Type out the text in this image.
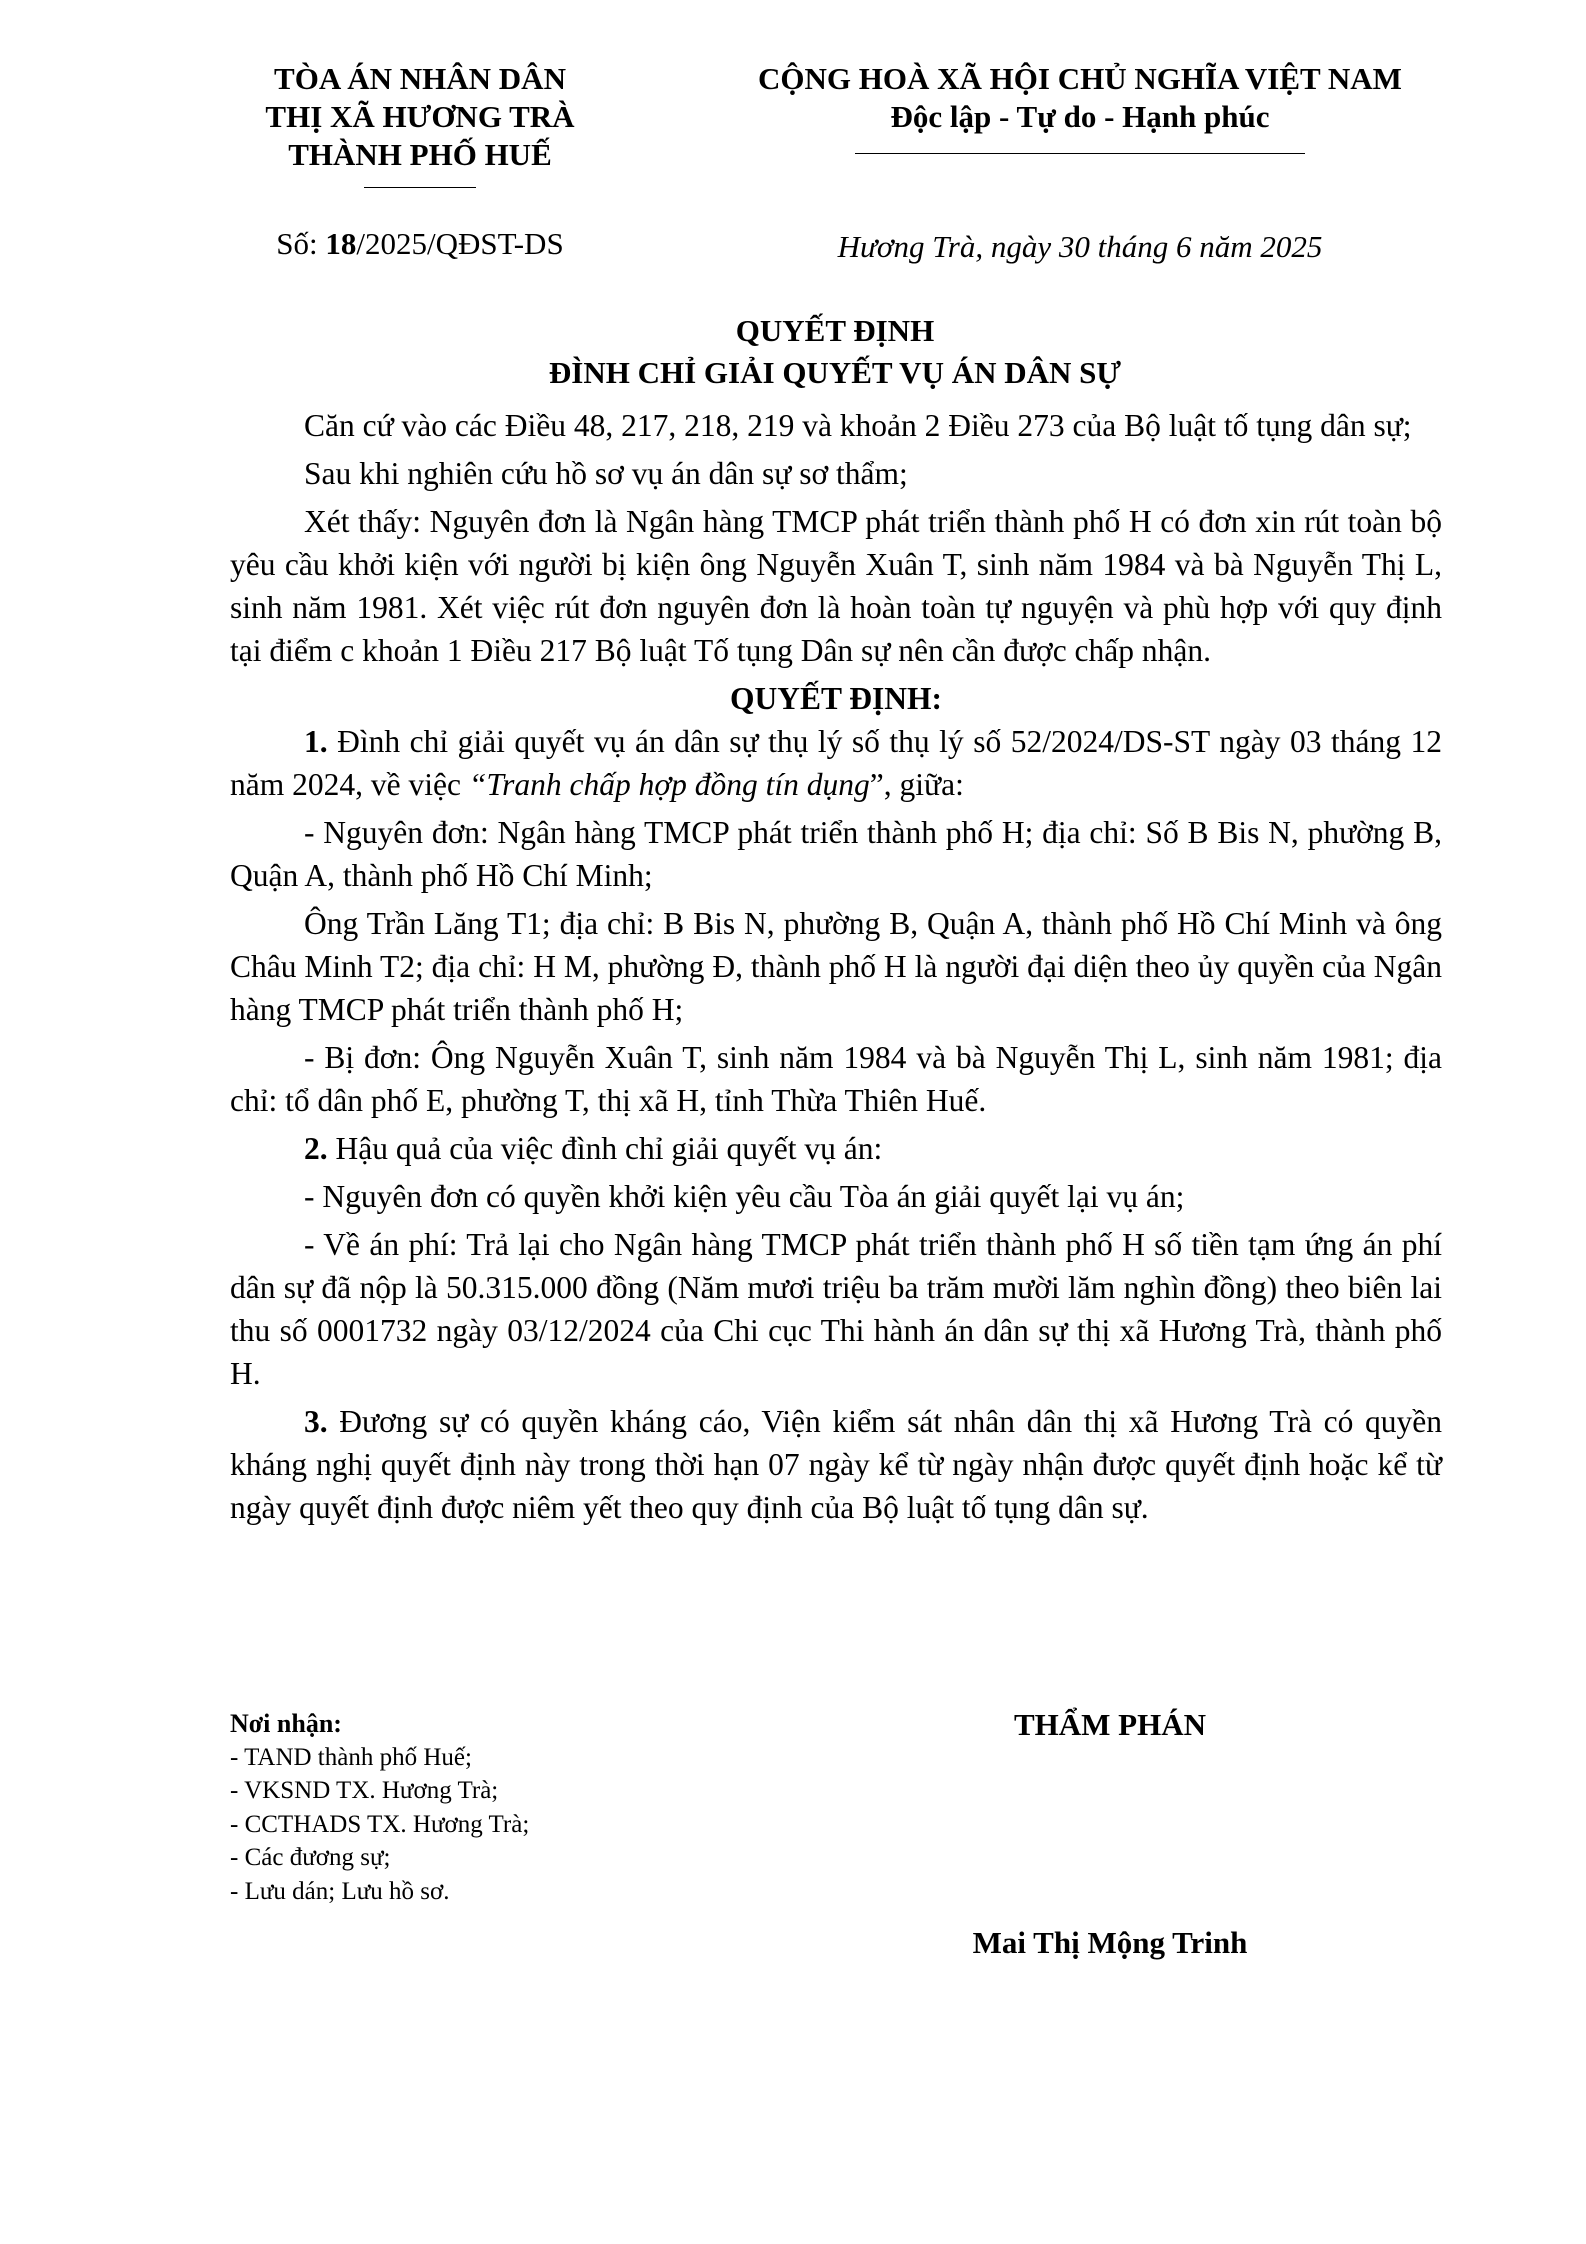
TÒA ÁN NHÂN DÂN
THỊ XÃ HƯƠNG TRÀ
THÀNH PHỐ HUẾ
CỘNG HOÀ XÃ HỘI CHỦ NGHĨA VIỆT NAM
Độc lập - Tự do - Hạnh phúc
Số: 18/2025/QĐST-DS	Hương Trà, ngày 30 tháng 6 năm 2025
QUYẾT ĐỊNH
ĐÌNH CHỈ GIẢI QUYẾT VỤ ÁN DÂN SỰ

Căn cứ vào các Điều 48, 217, 218, 219 và khoản 2 Điều 273 của Bộ luật tố tụng dân sự;

Sau khi nghiên cứu hồ sơ vụ án dân sự sơ thẩm;

Xét thấy: Nguyên đơn là Ngân hàng TMCP phát triển thành phố H có đơn xin rút toàn bộ yêu cầu khởi kiện với người bị kiện ông Nguyễn Xuân T, sinh năm 1984 và bà Nguyễn Thị L, sinh năm 1981. Xét việc rút đơn nguyên đơn là hoàn toàn tự nguyện và phù hợp với quy định tại điểm c khoản 1 Điều 217 Bộ luật Tố tụng Dân sự nên cần được chấp nhận.

QUYẾT ĐỊNH:

1. Đình chỉ giải quyết vụ án dân sự thụ lý số thụ lý số 52/2024/DS-ST ngày 03 tháng 12 năm 2024, về việc “Tranh chấp hợp đồng tín dụng”, giữa:

- Nguyên đơn: Ngân hàng TMCP phát triển thành phố H; địa chỉ: Số B Bis N, phường B, Quận A, thành phố Hồ Chí Minh;

Ông Trần Lăng T1; địa chỉ: B Bis N, phường B, Quận A, thành phố Hồ Chí Minh và ông Châu Minh T2; địa chỉ: H M, phường Đ, thành phố H là người đại diện theo ủy quyền của Ngân hàng TMCP phát triển thành phố H;

- Bị đơn: Ông Nguyễn Xuân T, sinh năm 1984 và bà Nguyễn Thị L, sinh năm 1981; địa chỉ: tổ dân phố E, phường T, thị xã H, tỉnh Thừa Thiên Huế.

2. Hậu quả của việc đình chỉ giải quyết vụ án:

- Nguyên đơn có quyền khởi kiện yêu cầu Tòa án giải quyết lại vụ án;

- Về án phí: Trả lại cho Ngân hàng TMCP phát triển thành phố H số tiền tạm ứng án phí dân sự đã nộp là 50.315.000 đồng (Năm mươi triệu ba trăm mười lăm nghìn đồng) theo biên lai thu số 0001732 ngày 03/12/2024 của Chi cục Thi hành án dân sự thị xã Hương Trà, thành phố H.

3. Đương sự có quyền kháng cáo, Viện kiểm sát nhân dân thị xã Hương Trà có quyền kháng nghị quyết định này trong thời hạn 07 ngày kể từ ngày nhận được quyết định hoặc kể từ ngày quyết định được niêm yết theo quy định của Bộ luật tố tụng dân sự.

Nơi nhận:
- TAND thành phố Huế;
- VKSND TX. Hương Trà;
- CCTHADS TX. Hương Trà;
- Các đương sự;
- Lưu dán; Lưu hồ sơ.
THẨM PHÁN
Mai Thị Mộng Trinh
